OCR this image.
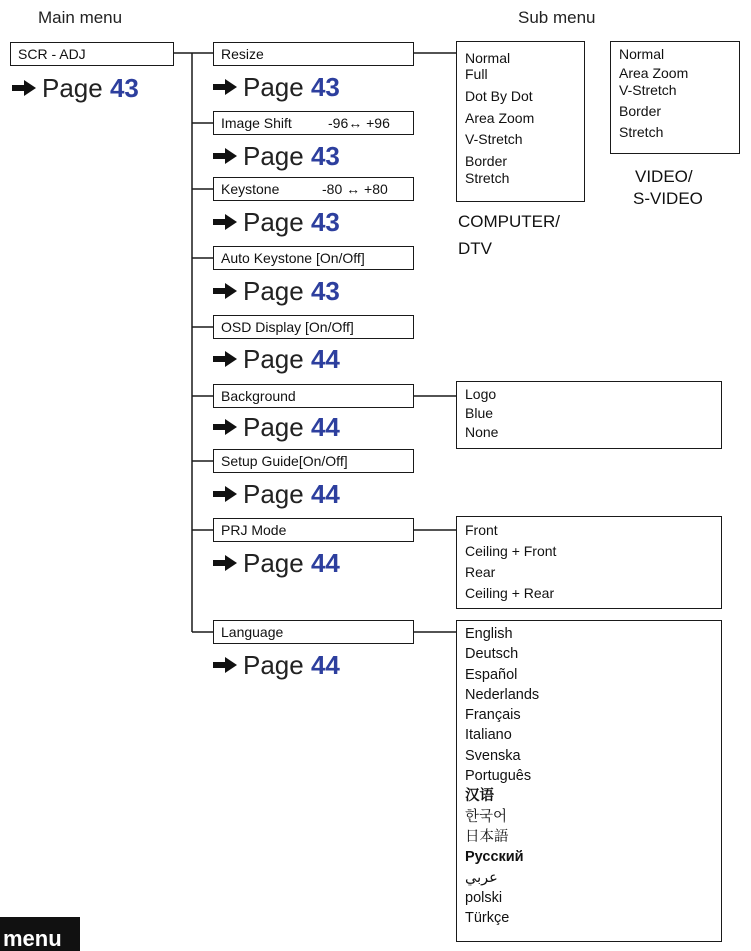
Main menu	Sub menu
SCR - ADJ
Page 43
Resize
Page 43
Image Shift	-96↔ +96
Page 43
Keystone	-80 ↔ +80
Page 43
Auto Keystone [On/Off]
Page 43
OSD Display [On/Off]
Page 44
Background
Page 44
Setup Guide[On/Off]
Page 44
PRJ Mode
Page 44
Language
Page 44
Normal
Full
Dot By Dot
Area Zoom
V-Stretch
Border
Stretch
COMPUTER/
DTV
Normal
Area Zoom
V-Stretch
Border
Stretch
VIDEO/
S-VIDEO
Logo
Blue
None
Front
Ceiling + Front
Rear
Ceiling + Rear
English
Deutsch
Español
Nederlands
Français
Italiano
Svenska
Português
汉语
한국어
日本語
Русский
عربي
polski
Türkçe
menu
